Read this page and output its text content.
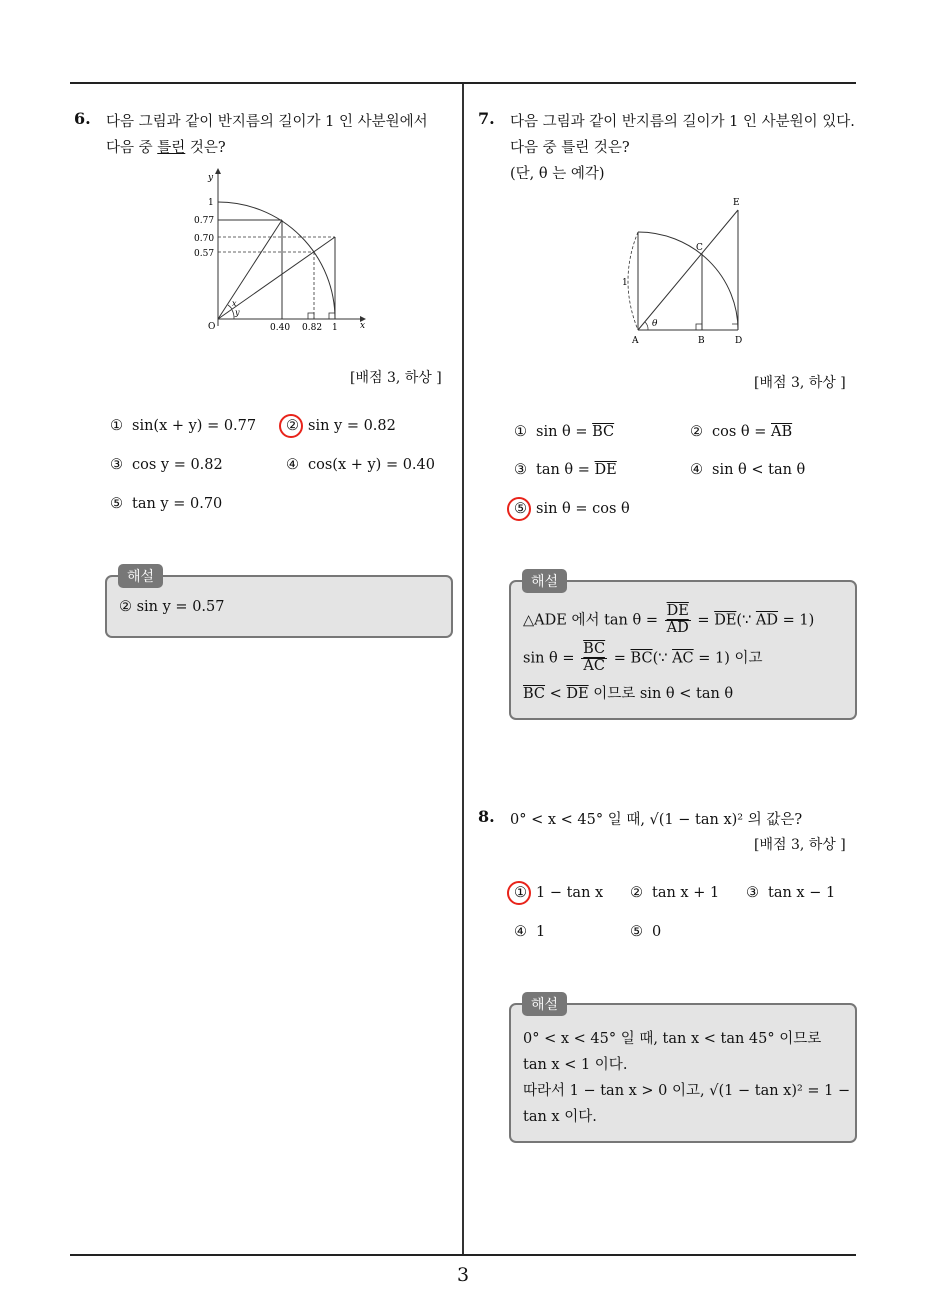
3
6. 다음 그림과 같이 반지름의 길이가 1 인 사분원에서
다음 중 틀린 것은?
y
x
O
1
0.77
0.70
0.57
0.40 0.82 1
x
y
[배점 3, 하상 ]
① sin(x + y) = 0.77 ② sin y = 0.82
③ cos y = 0.82	④ cos(x + y) = 0.40
⑤ tan y = 0.70
② sin y = 0.57
해설
7. 다음 그림과 같이 반지름의 길이가 1 인 사분원이 있다.
다음 중 틀린 것은?
(단, θ 는 예각)
A	B
C
D
E
1
θ
[배점 3, 하상 ]
① $\sin \theta = \overline{BC}$	② $\cos \theta = \overline{AB}$
③ $\tan \theta = \overline{DE}$	④ sin θ < tan θ
⑤ sin θ = cos θ
△ADE 에서 $\tan \theta = \frac{\overline{DE}}{AD}$ = $\overline{DE}(\because$ $\overline{AD} = 1$)
$\sin \theta = \frac{\overline{BC}}{AC}$ = $\overline{BC}(\because$ $\overline{AC} = 1$) 이고
$\overline{BC} < \overline{DE}$ 이므로 sin θ < tan θ
해설
8. 0° < x < 45° 일 때, √(1 − tan x)² 의 값은?
[배점 3, 하상 ]
① 1 − tan x ② tan x + 1 ③ tan x − 1
④ 1	⑤ 0
0° < x < 45° 일 때, tan x < tan 45° 이므로
tan x < 1 이다.
따라서 1 − tan x > 0 이고, √(1 − tan x)² = 1 −
tan x 이다.
해설
